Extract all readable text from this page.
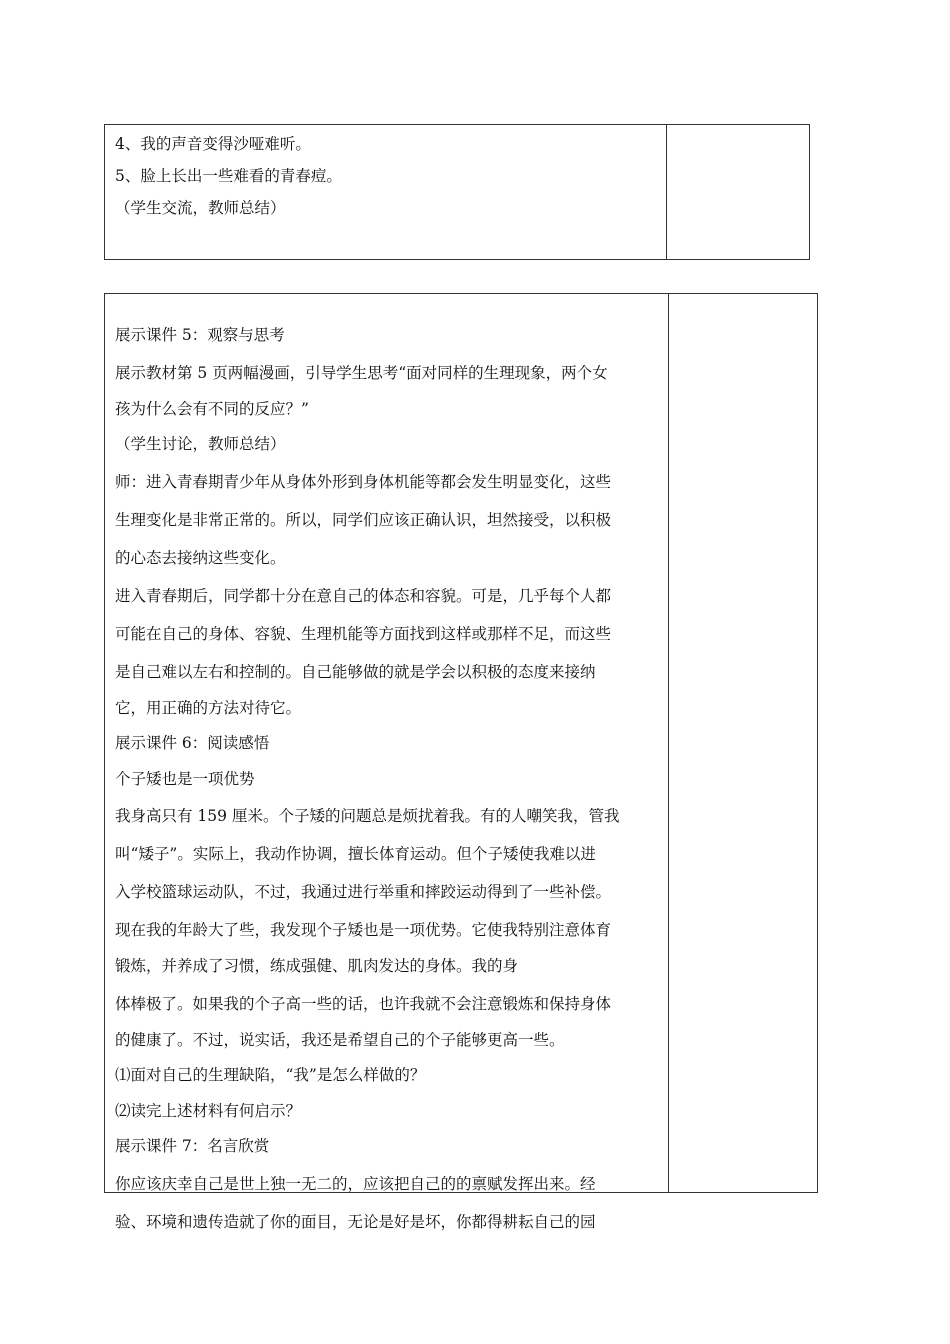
4、我的声音变得沙哑难听。

5、脸上长出一些难看的青春痘。

（学生交流，教师总结）

展示课件 5：观察与思考

展示教材第 5 页两幅漫画，引导学生思考“面对同样的生理现象，两个女

孩为什么会有不同的反应？”

（学生讨论，教师总结）

师：进入青春期青少年从身体外形到身体机能等都会发生明显变化，这些

生理变化是非常正常的。所以，同学们应该正确认识，坦然接受，以积极

的心态去接纳这些变化。

进入青春期后，同学都十分在意自己的体态和容貌。可是，几乎每个人都

可能在自己的身体、容貌、生理机能等方面找到这样或那样不足，而这些

是自己难以左右和控制的。自己能够做的就是学会以积极的态度来接纳

它，用正确的方法对待它。

展示课件 6：阅读感悟

个子矮也是一项优势

我身高只有 159 厘米。个子矮的问题总是烦扰着我。有的人嘲笑我，管我

叫“矮子”。实际上，我动作协调，擅长体育运动。但个子矮使我难以进

入学校篮球运动队，不过，我通过进行举重和摔跤运动得到了一些补偿。

现在我的年龄大了些，我发现个子矮也是一项优势。它使我特别注意体育

锻炼，并养成了习惯，练成强健、肌肉发达的身体。我的身

体棒极了。如果我的个子高一些的话，也许我就不会注意锻炼和保持身体

的健康了。不过，说实话，我还是希望自己的个子能够更高一些。

⑴面对自己的生理缺陷，“我”是怎么样做的？

⑵读完上述材料有何启示？

展示课件 7：名言欣赏

你应该庆幸自己是世上独一无二的，应该把自己的的禀赋发挥出来。经

验、环境和遗传造就了你的面目，无论是好是坏，你都得耕耘自己的园
